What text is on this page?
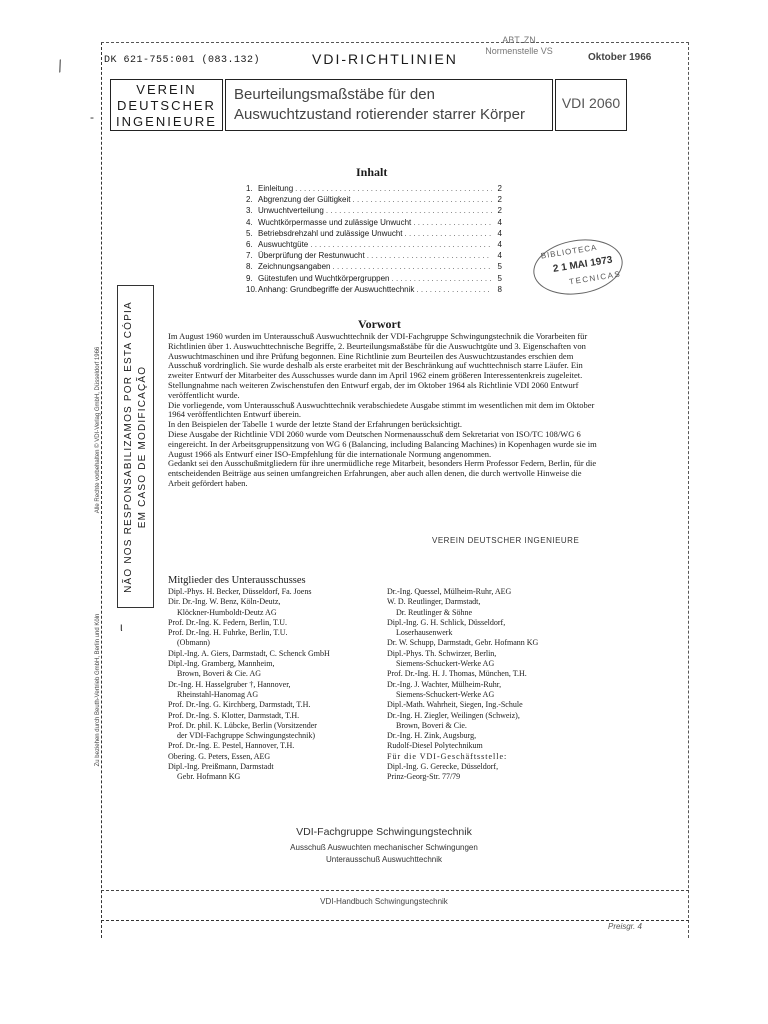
⁄
-
ι
DK 621-755:001 (083.132)	VDI-RICHTLINIEN
ABT. ZN
Normenstelle VS
Oktober 1966
VEREIN
DEUTSCHER
INGENIEURE
Beurteilungsmaßstäbe für den
Auswuchtzustand rotierender starrer Körper
VDI 2060
Inhalt
1. Einleitung . . .	2
2. Abgrenzung der Gültigkeit . . .	2
3. Unwuchtverteilung . . .	2
4. Wuchtkörpermasse und zulässige Unwucht . . .	4
5. Betriebsdrehzahl und zulässige Unwucht . . .	4
6. Auswuchtgüte . . .	4
7. Überprüfung der Restunwucht . . .	4
8. Zeichnungsangaben . . .	5
9. Gütestufen und Wuchtkörpergruppen . . .	5
10. Anhang: Grundbegriffe der Auswuchttechnik . . .	8
BIBLIOTECA
2 1 MAI 1973
TECNICAS
NÃO NOS RESPONSABILIZAMOS POR ESTA CÓPIA EM CASO DE MODIFICAÇÃO
Alle Rechte vorbehalten © VDI-Verlag GmbH, Düsseldorf 1966
Zu beziehen durch Beuth-Vertrieb GmbH, Berlin und Köln
Vorwort

Im August 1960 wurden im Unterausschuß Auswuchttechnik der VDI-Fachgruppe Schwingungstechnik die Vorarbeiten für Richtlinien über 1. Auswuchttechnische Begriffe, 2. Beurteilungsmaßstäbe für die Auswuchtgüte und 3. Eigenschaften von Auswuchtmaschinen und ihre Prüfung begonnen. Eine Richtlinie zum Beurteilen des Auswuchtzustandes erschien dem Ausschuß vordringlich. Sie wurde deshalb als erste erarbeitet mit der Beschränkung auf wuchttechnisch starre Läufer. Ein zweiter Entwurf der Mitarbeiter des Ausschusses wurde dann im April 1962 einem größeren Interessentenkreis zugeleitet. Stellungnahme nach weiteren Zwischenstufen den Entwurf ergab, der im Oktober 1964 als Richtlinie VDI 2060 Entwurf veröffentlicht wurde.

Die vorliegende, vom Unterausschuß Auswuchttechnik verabschiedete Ausgabe stimmt im wesentlichen mit dem im Oktober 1964 veröffentlichten Entwurf überein.

In den Beispielen der Tabelle 1 wurde der letzte Stand der Erfahrungen berücksichtigt.

Diese Ausgabe der Richtlinie VDI 2060 wurde vom Deutschen Normenausschuß dem Sekretariat von ISO/TC 108/WG 6 eingereicht. In der Arbeitsgruppensitzung von WG 6 (Balancing, including Balancing Machines) in Kopenhagen wurde sie im August 1966 als Entwurf einer ISO-Empfehlung für die internationale Normung angenommen.

Gedankt sei den Ausschußmitgliedern für ihre unermüdliche rege Mitarbeit, besonders Herrn Professor Federn, Berlin, für die entscheidenden Beiträge aus seinen umfangreichen Erfahrungen, aber auch allen denen, die durch wertvolle Hinweise die Arbeit gefördert haben.

VEREIN DEUTSCHER INGENIEURE
Mitglieder des Unterausschusses
Dipl.-Phys. H. Becker, Düsseldorf, Fa. Joens
Dir. Dr.-Ing. W. Benz, Köln-Deutz,
Klöckner-Humboldt-Deutz AG
Prof. Dr.-Ing. K. Federn, Berlin, T.U.
Prof. Dr.-Ing. H. Fuhrke, Berlin, T.U.
(Obmann)
Dipl.-Ing. A. Giers, Darmstadt, C. Schenck GmbH
Dipl.-Ing. Gramberg, Mannheim,
Brown, Boveri & Cie. AG
Dr.-Ing. H. Hasselgruber †, Hannover,
Rheinstahl-Hanomag AG
Prof. Dr.-Ing. G. Kirchberg, Darmstadt, T.H.
Prof. Dr.-Ing. S. Klotter, Darmstadt, T.H.
Prof. Dr. phil. K. Lübcke, Berlin (Vorsitzender
der VDI-Fachgruppe Schwingungstechnik)
Prof. Dr.-Ing. E. Pestel, Hannover, T.H.
Obering. G. Peters, Essen, AEG
Dipl.-Ing. Preißmann, Darmstadt
Gebr. Hofmann KG
Dr.-Ing. Quessel, Mülheim-Ruhr, AEG
W. D. Reutlinger, Darmstadt,
Dr. Reutlinger & Söhne
Dipl.-Ing. G. H. Schlick, Düsseldorf,
Loserhausenwerk
Dr. W. Schupp, Darmstadt, Gebr. Hofmann KG
Dipl.-Phys. Th. Schwirzer, Berlin,
Siemens-Schuckert-Werke AG
Prof. Dr.-Ing. H. J. Thomas, München, T.H.
Dr.-Ing. J. Wachter, Mülheim-Ruhr,
Siemens-Schuckert-Werke AG
Dipl.-Math. Wahrheit, Siegen, Ing.-Schule
Dr.-Ing. H. Ziegler, Weilingen (Schweiz),
Brown, Boveri & Cie.
Dr.-Ing. H. Zink, Augsburg,
Rudolf-Diesel Polytechnikum
Für die VDI-Geschäftsstelle:
Dipl.-Ing. G. Gerecke, Düsseldorf,
Prinz-Georg-Str. 77/79
VDI-Fachgruppe Schwingungstechnik
Ausschuß Auswuchten mechanischer Schwingungen
Unterausschuß Auswuchttechnik
VDI-Handbuch Schwingungstechnik
Preisgr. 4
